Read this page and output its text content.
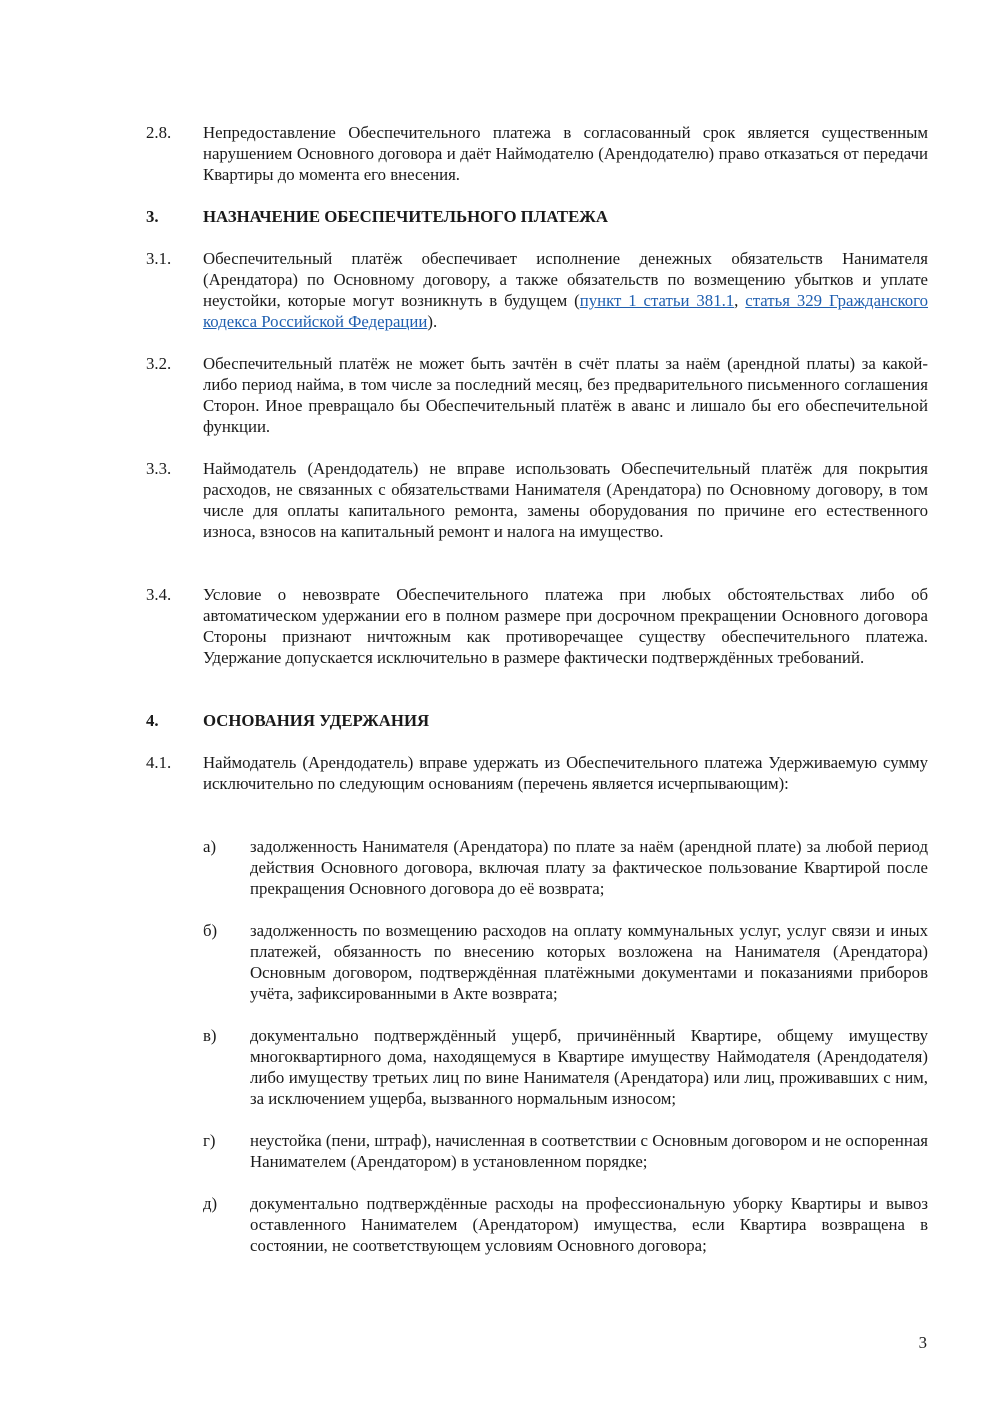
2.8.	Непредоставление Обеспечительного платежа в согласованный срок является существенным нарушением Основного договора и даёт Наймодателю (Арендодателю) право отказаться от передачи Квартиры до момента его внесения.
3.	НАЗНАЧЕНИЕ ОБЕСПЕЧИТЕЛЬНОГО ПЛАТЕЖА
3.1.	Обеспечительный платёж обеспечивает исполнение денежных обязательств Нанимателя (Арендатора) по Основному договору, а также обязательств по возмещению убытков и уплате неустойки, которые могут возникнуть в будущем (пункт 1 статьи 381.1, статья 329 Гражданского кодекса Российской Федерации).
3.2.	Обеспечительный платёж не может быть зачтён в счёт платы за наём (арендной платы) за какой-либо период найма, в том числе за последний месяц, без предварительного письменного соглашения Сторон. Иное превращало бы Обеспечительный платёж в аванс и лишало бы его обеспечительной функции.
3.3.	Наймодатель (Арендодатель) не вправе использовать Обеспечительный платёж для покрытия расходов, не связанных с обязательствами Нанимателя (Арендатора) по Основному договору, в том числе для оплаты капитального ремонта, замены оборудования по причине его естественного износа, взносов на капитальный ремонт и налога на имущество.
3.4.	Условие о невозврате Обеспечительного платежа при любых обстоятельствах либо об автоматическом удержании его в полном размере при досрочном прекращении Основного договора Стороны признают ничтожным как противоречащее существу обеспечительного платежа. Удержание допускается исключительно в размере фактически подтверждённых требований.
4.	ОСНОВАНИЯ УДЕРЖАНИЯ
4.1.	Наймодатель (Арендодатель) вправе удержать из Обеспечительного платежа Удерживаемую сумму исключительно по следующим основаниям (перечень является исчерпывающим):
а)	задолженность Нанимателя (Арендатора) по плате за наём (арендной плате) за любой период действия Основного договора, включая плату за фактическое пользование Квартирой после прекращения Основного договора до её возврата;
б)	задолженность по возмещению расходов на оплату коммунальных услуг, услуг связи и иных платежей, обязанность по внесению которых возложена на Нанимателя (Арендатора) Основным договором, подтверждённая платёжными документами и показаниями приборов учёта, зафиксированными в Акте возврата;
в)	документально подтверждённый ущерб, причинённый Квартире, общему имуществу многоквартирного дома, находящемуся в Квартире имуществу Наймодателя (Арендодателя) либо имуществу третьих лиц по вине Нанимателя (Арендатора) или лиц, проживавших с ним, за исключением ущерба, вызванного нормальным износом;
г)	неустойка (пени, штраф), начисленная в соответствии с Основным договором и не оспоренная Нанимателем (Арендатором) в установленном порядке;
д)	документально подтверждённые расходы на профессиональную уборку Квартиры и вывоз оставленного Нанимателем (Арендатором) имущества, если Квартира возвращена в состоянии, не соответствующем условиям Основного договора;
3
